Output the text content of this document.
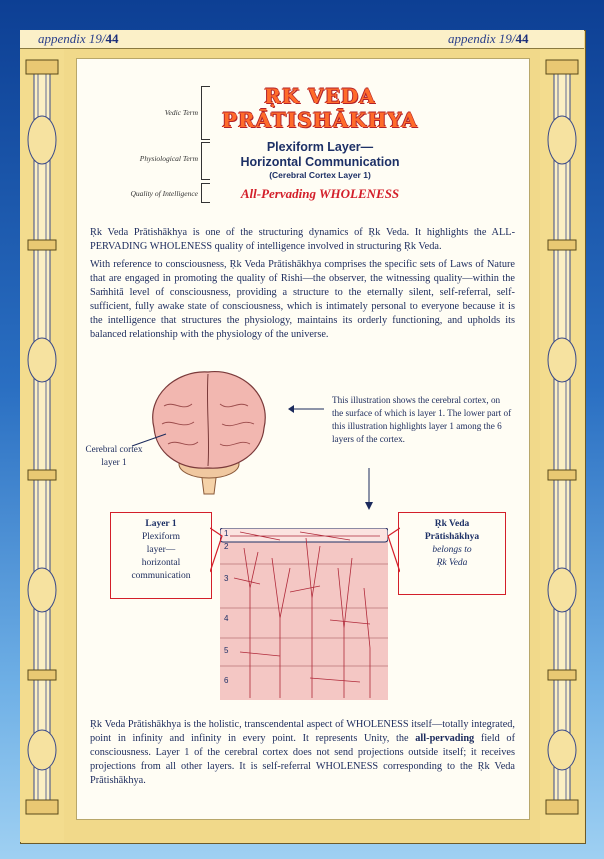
appendix 19/44	appendix 19/44
Vedic Term
ṚK VEDA
PRĀTISHĀKHYA
Physiological Term
Plexiform Layer—
Horizontal Communication
(Cerebral Cortex Layer 1)
Quality of Intelligence	All-Pervading WHOLENESS

Ṛk Veda Prātishākhya is one of the structuring dynamics of Ṛk Veda. It highlights the ALL-PERVADING WHOLENESS quality of intelligence involved in structuring Ṛk Veda.

With reference to consciousness, Ṛk Veda Prātishākhya comprises the specific sets of Laws of Nature that are engaged in promoting the quality of Rishi—the observer, the witnessing quality—within the Saṁhitā level of consciousness, providing a structure to the eternally silent, self-referral, self-sufficient, fully awake state of consciousness, which is intimately personal to everyone because it is the intelligence that structures the physiology, maintains its orderly functioning, and upholds its balanced relationship with the physiology of the universe.

Cerebral cortex layer 1
This illustration shows the cerebral cortex, on the surface of which is layer 1. The lower part of this illustration highlights layer 1 among the 6 layers of the cortex.
1
2
3
4
5
6
Layer 1
Plexiform
layer—
horizontal
communication
Ṛk Veda
Prātishākhya
belongs to
Ṛk Veda

Ṛk Veda Prātishākhya is the holistic, transcendental aspect of WHOLENESS itself—totally integrated, point in infinity and infinity in every point. It represents Unity, the all-pervading field of consciousness. Layer 1 of the cerebral cortex does not send projections outside itself; it receives projections from all other layers. It is self-referral WHOLENESS corresponding to the Ṛk Veda Prātishākhya.
